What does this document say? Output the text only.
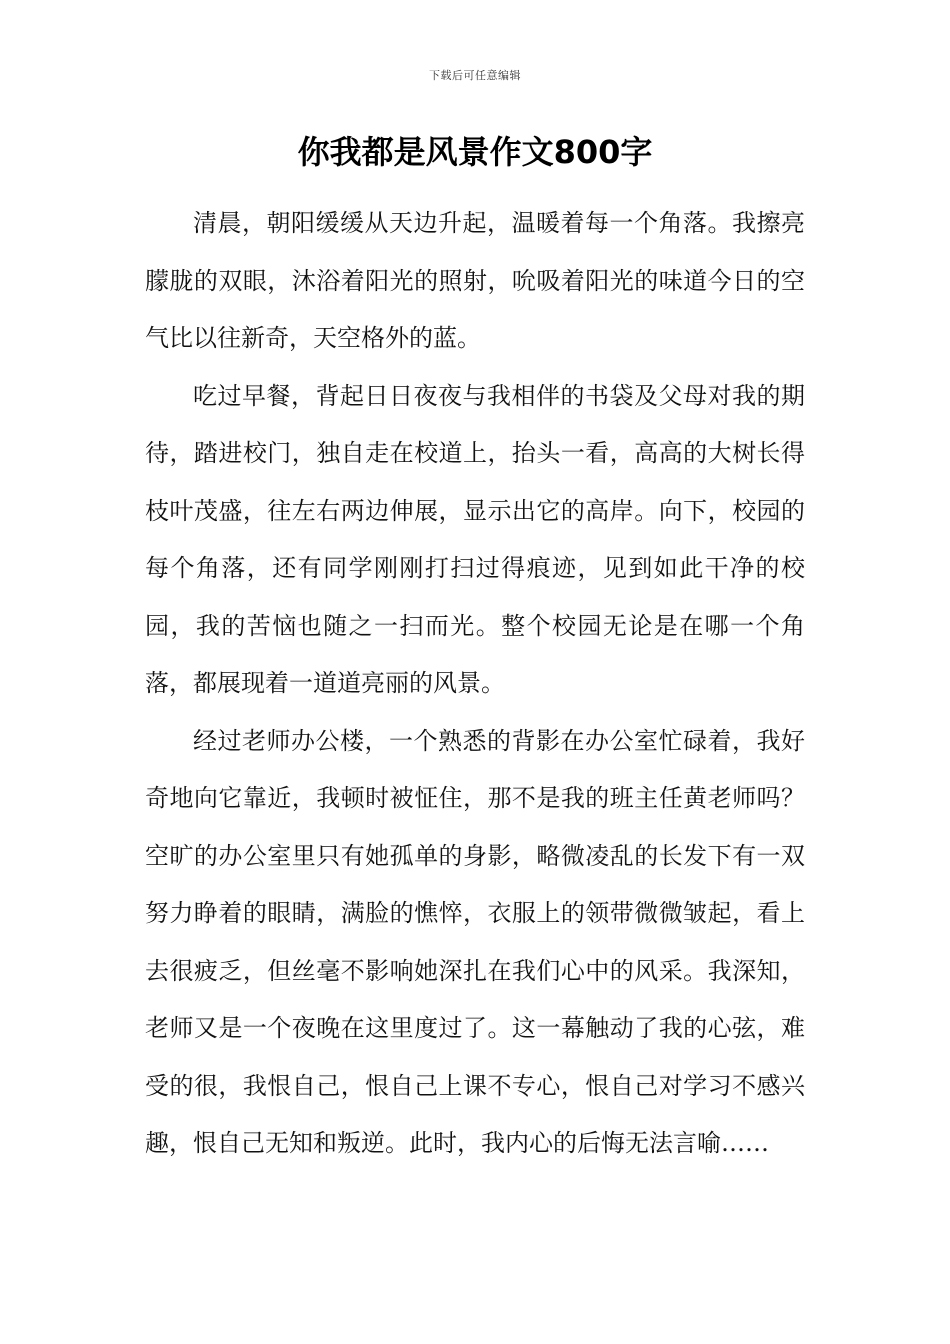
下载后可任意编辑
你我都是风景作文800字

清晨，朝阳缓缓从天边升起，温暖着每一个角落。我擦亮朦胧的双眼，沐浴着阳光的照射，吮吸着阳光的味道今日的空气比以往新奇，天空格外的蓝。

吃过早餐，背起日日夜夜与我相伴的书袋及父母对我的期待，踏进校门，独自走在校道上，抬头一看，高高的大树长得枝叶茂盛，往左右两边伸展，显示出它的高岸。向下，校园的每个角落，还有同学刚刚打扫过得痕迹，见到如此干净的校园，我的苦恼也随之一扫而光。整个校园无论是在哪一个角落，都展现着一道道亮丽的风景。

经过老师办公楼，一个熟悉的背影在办公室忙碌着，我好奇地向它靠近，我顿时被怔住，那不是我的班主任黄老师吗？空旷的办公室里只有她孤单的身影，略微凌乱的长发下有一双努力睁着的眼睛，满脸的憔悴，衣服上的领带微微皱起，看上去很疲乏，但丝毫不影响她深扎在我们心中的风采。我深知，老师又是一个夜晚在这里度过了。这一幕触动了我的心弦，难受的很，我恨自己，恨自己上课不专心，恨自己对学习不感兴趣，恨自己无知和叛逆。此时，我内心的后悔无法言喻……
